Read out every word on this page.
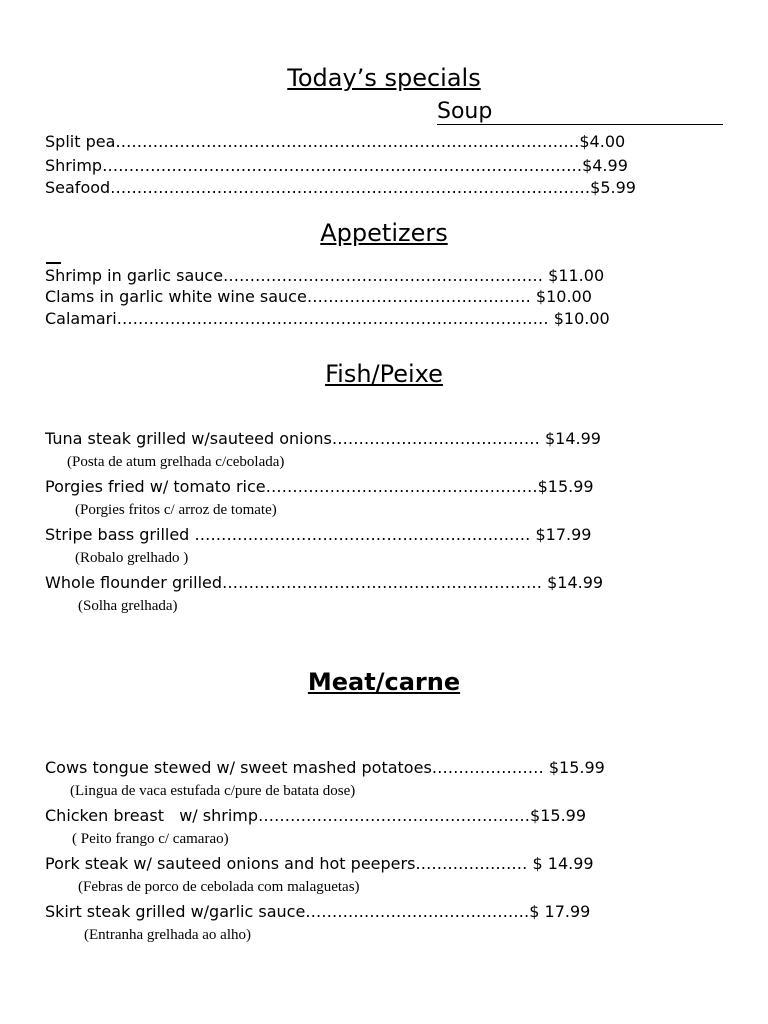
Today’s specials
Soup
Split pea……………………………………………………………………………$4.00
Shrimp………………………………………………………………………………$4.99
Seafood………………………………………………………………………………$5.99
Appetizers
Shrimp in garlic sauce…………………………………………………… $11.00
Clams in garlic white wine sauce…………………………………… $10.00
Calamari……………………………………………………………………… $10.00
Fish/Peixe
Tuna steak grilled w/sauteed onions………………………………… $14.99
(Posta de atum grelhada c/cebolada)
Porgies fried w/ tomato rice……………………………………………$15.99
(Porgies fritos c/ arroz de tomate)
Stripe bass grilled ……………………………………………………… $17.99
(Robalo grelhado )
Whole flounder grilled…………………………………………………… $14.99
(Solha grelhada)
Meat/carne
Cows tongue stewed w/ sweet mashed potatoes………………… $15.99
(Lingua de vaca estufada c/pure de batata dose)
Chicken breast   w/ shrimp……………………………………………$15.99
( Peito frango c/ camarao)
Pork steak w/ sauteed onions and hot peepers………………… $ 14.99
(Febras de porco de cebolada com malaguetas)
Skirt steak grilled w/garlic sauce……………………………………$ 17.99
(Entranha grelhada ao alho)
